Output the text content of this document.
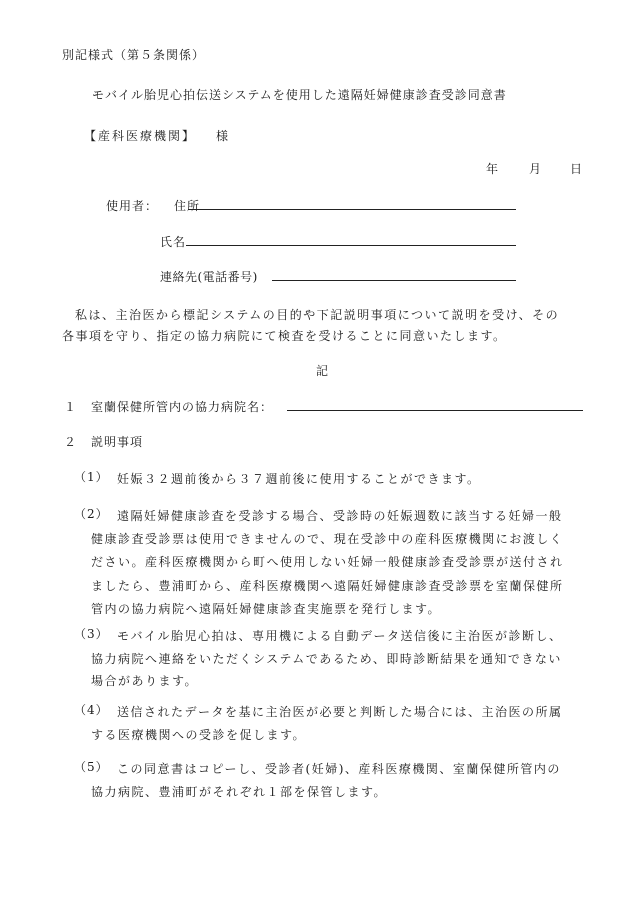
別記様式（第５条関係）
モバイル胎児心拍伝送システムを使用した遠隔妊婦健康診査受診同意書
【産科医療機関】 様
年 月 日
使用者： 住所
氏名
連絡先(電話番号)
私は、主治医から標記システムの目的や下記説明事項について説明を受け、その
各事項を守り、指定の協力病院にて検査を受けることに同意いたします。
記
１ 室蘭保健所管内の協力病院名：
２ 説明事項
（1） 妊娠３２週前後から３７週前後に使用することができます。
（2） 遠隔妊婦健康診査を受診する場合、受診時の妊娠週数に該当する妊婦一般
健康診査受診票は使用できませんので、現在受診中の産科医療機関にお渡しく
ださい。産科医療機関から町へ使用しない妊婦一般健康診査受診票が送付され
ましたら、豊浦町から、産科医療機関へ遠隔妊婦健康診査受診票を室蘭保健所
管内の協力病院へ遠隔妊婦健康診査実施票を発行します。
（3） モバイル胎児心拍は、専用機による自動データ送信後に主治医が診断し、
協力病院へ連絡をいただくシステムであるため、即時診断結果を通知できない
場合があります。
（4） 送信されたデータを基に主治医が必要と判断した場合には、主治医の所属
する医療機関への受診を促します。
（5） この同意書はコピーし、受診者(妊婦)、産科医療機関、室蘭保健所管内の
協力病院、豊浦町がそれぞれ１部を保管します。
